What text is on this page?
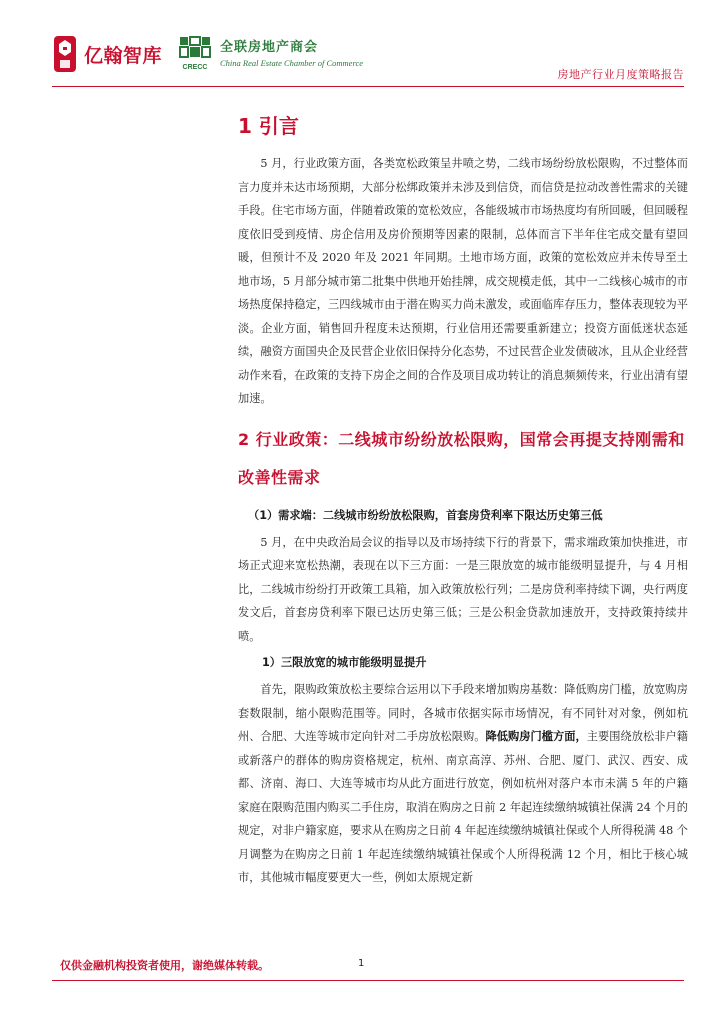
亿翰智库
CRECC
全联房地产商会
China Real Estate Chamber of Commerce
房地产行业月度策略报告
1 引言

5 月，行业政策方面，各类宽松政策呈井喷之势，二线市场纷纷放松限购，不过整体而言力度并未达市场预期，大部分松绑政策并未涉及到信贷，而信贷是拉动改善性需求的关键手段。住宅市场方面，伴随着政策的宽松效应，各能级城市市场热度均有所回暖，但回暖程度依旧受到疫情、房企信用及房价预期等因素的限制，总体而言下半年住宅成交量有望回暖，但预计不及 2020 年及 2021 年同期。土地市场方面，政策的宽松效应并未传导至土地市场，5 月部分城市第二批集中供地开始挂牌，成交规模走低，其中一二线核心城市的市场热度保持稳定，三四线城市由于潜在购买力尚未激发，或面临库存压力，整体表现较为平淡。企业方面，销售回升程度未达预期，行业信用还需要重新建立；投资方面低迷状态延续，融资方面国央企及民营企业依旧保持分化态势，不过民营企业发债破冰，且从企业经营动作来看，在政策的支持下房企之间的合作及项目成功转让的消息频频传来，行业出清有望加速。

2 行业政策：二线城市纷纷放松限购，国常会再提支持刚需和改善性需求
（1）需求端：二线城市纷纷放松限购，首套房贷利率下限达历史第三低

5 月，在中央政治局会议的指导以及市场持续下行的背景下，需求端政策加快推进，市场正式迎来宽松热潮，表现在以下三方面：一是三限放宽的城市能级明显提升，与 4 月相比，二线城市纷纷打开政策工具箱，加入政策放松行列；二是房贷利率持续下调，央行两度发文后，首套房贷利率下限已达历史第三低；三是公积金贷款加速放开，支持政策持续井喷。

1）三限放宽的城市能级明显提升

首先，限购政策放松主要综合运用以下手段来增加购房基数：降低购房门槛，放宽购房套数限制，缩小限购范围等。同时，各城市依据实际市场情况，有不同针对对象，例如杭州、合肥、大连等城市定向针对二手房放松限购。降低购房门槛方面，主要围绕放松非户籍或新落户的群体的购房资格规定，杭州、南京高淳、苏州、合肥、厦门、武汉、西安、成都、济南、海口、大连等城市均从此方面进行放宽，例如杭州对落户本市未满 5 年的户籍家庭在限购范围内购买二手住房，取消在购房之日前 2 年起连续缴纳城镇社保满 24 个月的规定，对非户籍家庭，要求从在购房之日前 4 年起连续缴纳城镇社保或个人所得税满 48 个月调整为在购房之日前 1 年起连续缴纳城镇社保或个人所得税满 12 个月，相比于核心城市，其他城市幅度要更大一些，例如太原规定新

仅供金融机构投资者使用，谢绝媒体转载。	1
